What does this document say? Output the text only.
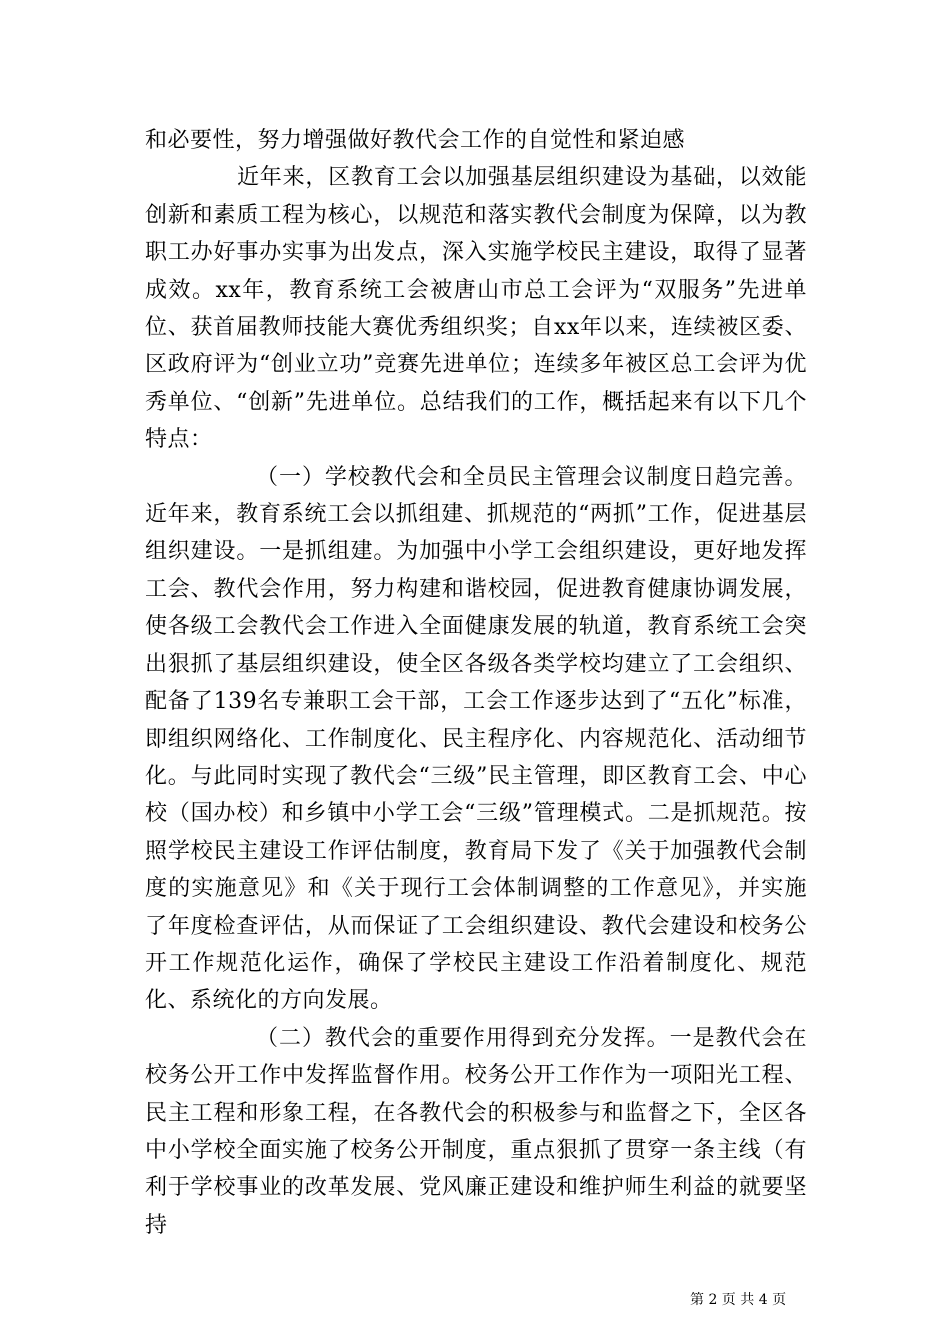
和必要性，努力增强做好教代会工作的自觉性和紧迫感

近年来，区教育工会以加强基层组织建设为基础，以效能创新和素质工程为核心，以规范和落实教代会制度为保障，以为教职工办好事办实事为出发点，深入实施学校民主建设，取得了显著成效。xx年，教育系统工会被唐山市总工会评为“双服务”先进单位、获首届教师技能大赛优秀组织奖；自xx年以来，连续被区委、区政府评为“创业立功”竞赛先进单位；连续多年被区总工会评为优秀单位、“创新”先进单位。总结我们的工作，概括起来有以下几个特点：

（一）学校教代会和全员民主管理会议制度日趋完善。近年来，教育系统工会以抓组建、抓规范的“两抓”工作，促进基层组织建设。一是抓组建。为加强中小学工会组织建设，更好地发挥工会、教代会作用，努力构建和谐校园，促进教育健康协调发展，使各级工会教代会工作进入全面健康发展的轨道，教育系统工会突出狠抓了基层组织建设，使全区各级各类学校均建立了工会组织、配备了139名专兼职工会干部，工会工作逐步达到了“五化”标准，即组织网络化、工作制度化、民主程序化、内容规范化、活动细节化。与此同时实现了教代会“三级”民主管理，即区教育工会、中心校（国办校）和乡镇中小学工会“三级”管理模式。二是抓规范。按照学校民主建设工作评估制度，教育局下发了《关于加强教代会制度的实施意见》和《关于现行工会体制调整的工作意见》，并实施了年度检查评估，从而保证了工会组织建设、教代会建设和校务公开工作规范化运作，确保了学校民主建设工作沿着制度化、规范化、系统化的方向发展。

（二）教代会的重要作用得到充分发挥。一是教代会在校务公开工作中发挥监督作用。校务公开工作作为一项阳光工程、民主工程和形象工程，在各教代会的积极参与和监督之下，全区各中小学校全面实施了校务公开制度，重点狠抓了贯穿一条主线（有利于学校事业的改革发展、党风廉正建设和维护师生利益的就要坚持

第 2 页 共 4 页
